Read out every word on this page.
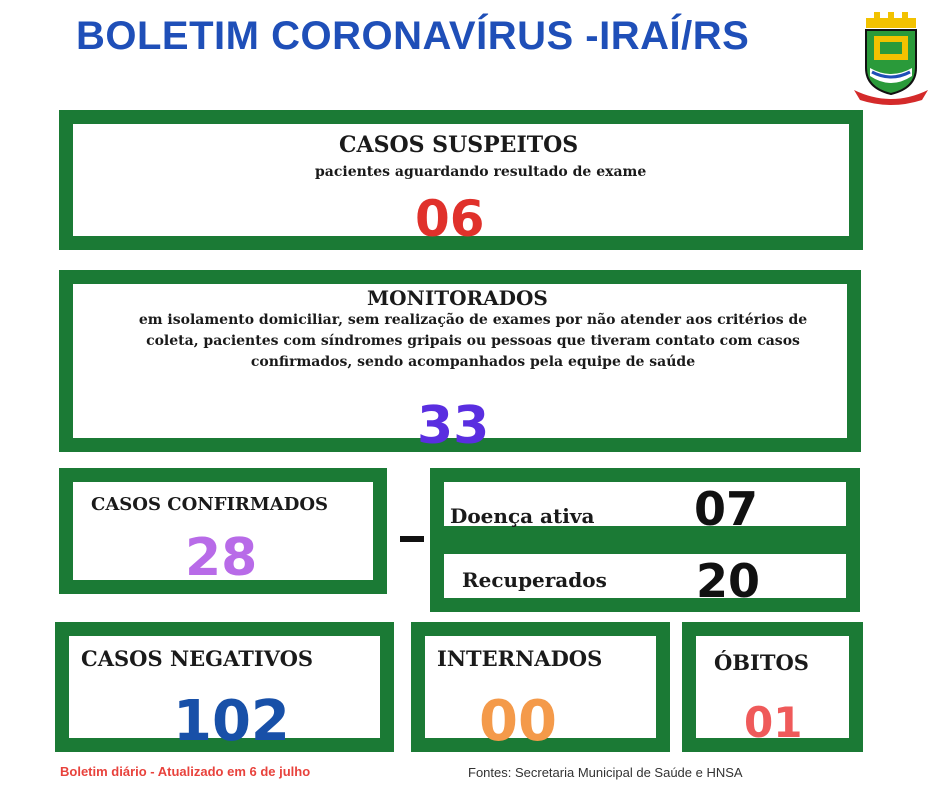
BOLETIM CORONAVÍRUS -IRAÍ/RS
CASOS SUSPEITOS
pacientes aguardando resultado de exame
06
MONITORADOS
em isolamento domiciliar, sem realização de exames por não atender aos critérios de
coleta, pacientes com síndromes gripais ou pessoas que tiveram contato com casos
confirmados, sendo acompanhados pela equipe de saúde
33
CASOS CONFIRMADOS
28
Doença ativa 07
Recuperados 20
CASOS NEGATIVOS
102
INTERNADOS
00
ÓBITOS
01
Boletim diário - Atualizado em 6 de julho	Fontes: Secretaria Municipal de Saúde e HNSA
